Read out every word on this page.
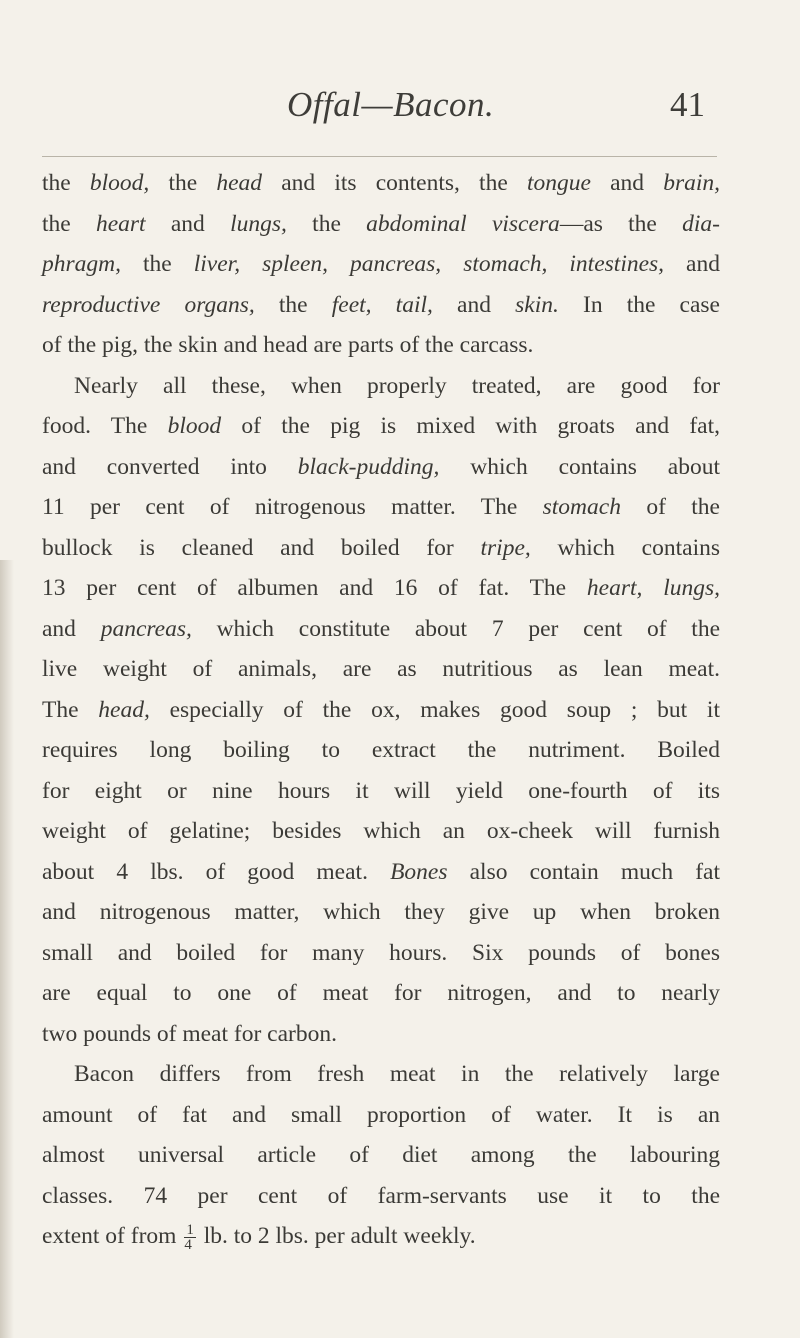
Offal—Bacon.	41
the blood, the head and its contents, the tongue and brain,
the heart and lungs, the abdominal viscera—as the dia-
phragm, the liver, spleen, pancreas, stomach, intestines, and
reproductive organs, the feet, tail, and skin. In the case
of the pig, the skin and head are parts of the carcass.
Nearly all these, when properly treated, are good for
food. The blood of the pig is mixed with groats and fat,
and converted into black-pudding, which contains about
11 per cent of nitrogenous matter. The stomach of the
bullock is cleaned and boiled for tripe, which contains
13 per cent of albumen and 16 of fat. The heart, lungs,
and pancreas, which constitute about 7 per cent of the
live weight of animals, are as nutritious as lean meat.
The head, especially of the ox, makes good soup ; but it
requires long boiling to extract the nutriment. Boiled
for eight or nine hours it will yield one-fourth of its
weight of gelatine; besides which an ox-cheek will furnish
about 4 lbs. of good meat. Bones also contain much fat
and nitrogenous matter, which they give up when broken
small and boiled for many hours. Six pounds of bones
are equal to one of meat for nitrogen, and to nearly
two pounds of meat for carbon.
Bacon differs from fresh meat in the relatively large
amount of fat and small proportion of water. It is an
almost universal article of diet among the labouring
classes. 74 per cent of farm-servants use it to the
extent of from $\frac{1}{4}$ lb. to 2 lbs. per adult weekly.
